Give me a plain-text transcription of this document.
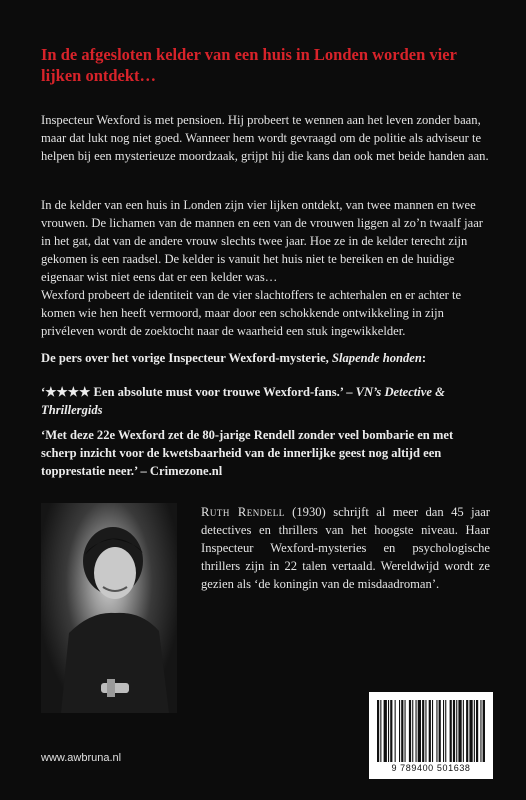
In de afgesloten kelder van een huis in Londen worden vier lijken ontdekt…

Inspecteur Wexford is met pensioen. Hij probeert te wennen aan het leven zonder baan, maar dat lukt nog niet goed. Wanneer hem wordt gevraagd om de politie als adviseur te helpen bij een mysterieuze moordzaak, grijpt hij die kans dan ook met beide handen aan.

In de kelder van een huis in Londen zijn vier lijken ontdekt, van twee mannen en twee vrouwen. De lichamen van de mannen en een van de vrouwen liggen al zo’n twaalf jaar in het gat, dat van de andere vrouw slechts twee jaar. Hoe ze in de kelder terecht zijn gekomen is een raadsel. De kelder is vanuit het huis niet te bereiken en de huidige eigenaar wist niet eens dat er een kelder was…
Wexford probeert de identiteit van de vier slachtoffers te achterhalen en er achter te komen wie hen heeft vermoord, maar door een schokkende ontwikkeling in zijn privéleven wordt de zoektocht naar de waarheid een stuk ingewikkelder.

De pers over het vorige Inspecteur Wexford-mysterie, Slapende honden:

‘★★★★ Een absolute must voor trouwe Wexford-fans.’ – VN’s Detective & Thrillergids

‘Met deze 22e Wexford zet de 80-jarige Rendell zonder veel bombarie en met scherp inzicht voor de kwetsbaarheid van de innerlijke geest nog altijd een topprestatie neer.’ – Crimezone.nl

Ruth Rendell (1930) schrijft al meer dan 45 jaar detectives en thrillers van het hoogste niveau. Haar Inspecteur Wexford-mysteries en psychologische thrillers zijn in 22 talen vertaald. Wereldwijd wordt ze gezien als ‘de koningin van de misdaadroman’.

9 789400 501638

www.awbruna.nl
